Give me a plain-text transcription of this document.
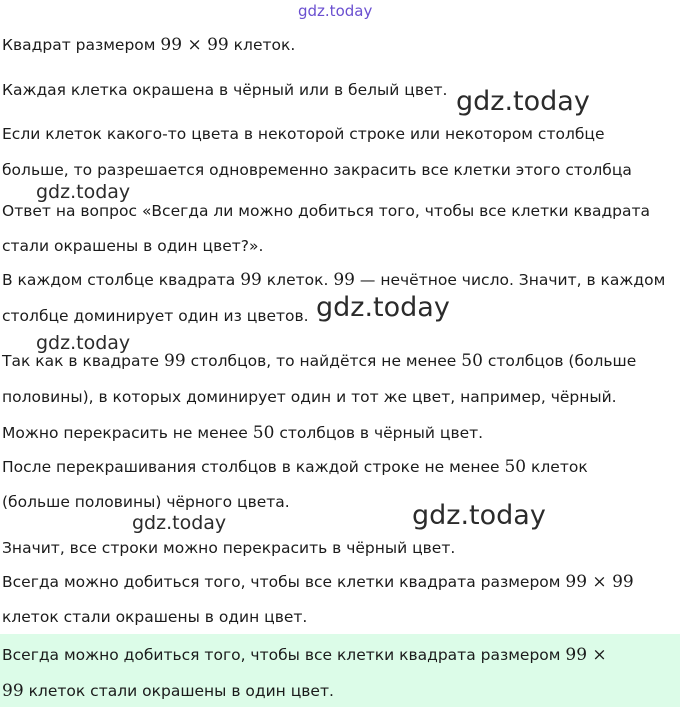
gdz.today
Квадрат размером 99 × 99 клеток.
Каждая клетка окрашена в чёрный или в белый цвет. gdz.today
Если клеток какого-то цвета в некоторой строке или некотором столбце
больше, то разрешается одновременно закрасить все клетки этого столбца
gdz.today
Ответ на вопрос «Всегда ли можно добиться того, чтобы все клетки квадрата
стали окрашены в один цвет?».
В каждом столбце квадрата 99 клеток. 99 — нечётное число. Значит, в каждом
столбце доминирует один из цветов. gdz.today
gdz.today
Так как в квадрате 99 столбцов, то найдётся не менее 50 столбцов (больше
половины), в которых доминирует один и тот же цвет, например, чёрный.
Можно перекрасить не менее 50 столбцов в чёрный цвет.
После перекрашивания столбцов в каждой строке не менее 50 клеток
(больше половины) чёрного цвета.	gdz.today
gdz.today
Значит, все строки можно перекрасить в чёрный цвет.
Всегда можно добиться того, чтобы все клетки квадрата размером 99 × 99
клеток стали окрашены в один цвет.
Всегда можно добиться того, чтобы все клетки квадрата размером 99 ×
99 клеток стали окрашены в один цвет.
